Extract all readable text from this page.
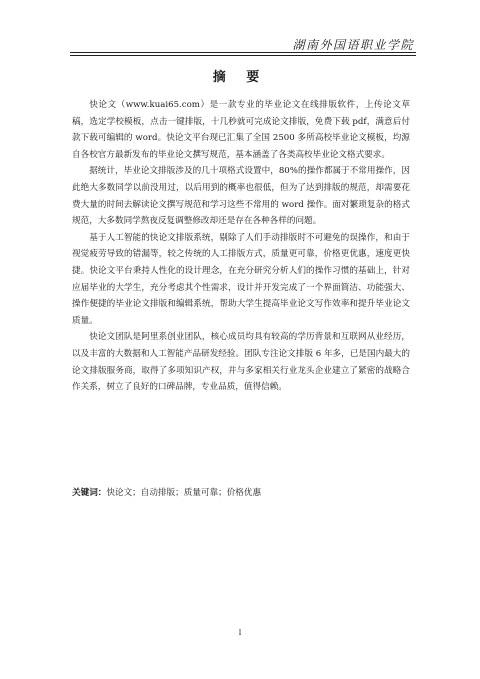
湖南外国语职业学院
摘 要

快论文（www.kuai65.com）是一款专业的毕业论文在线排版软件，上传论文草稿，选定学校模板，点击一键排版，十几秒就可完成论文排版，免费下载 pdf，满意后付款下载可编辑的 word。快论文平台现已汇集了全国 2500 多所高校毕业论文模板，均源自各校官方最新发布的毕业论文撰写规范，基本涵盖了各类高校毕业论文格式要求。

据统计，毕业论文排版涉及的几十项格式设置中，80%的操作都属于不常用操作，因此绝大多数同学以前没用过，以后用到的概率也很低，但为了达到排版的规范，却需要花费大量的时间去解读论文撰写规范和学习这些不常用的 word 操作。面对繁琐复杂的格式规范，大多数同学熬夜反复调整修改却还是存在各种各样的问题。

基于人工智能的快论文排版系统，剔除了人们手动排版时不可避免的误操作，和由于视觉疲劳导致的错漏等，较之传统的人工排版方式，质量更可靠，价格更优惠，速度更快捷。快论文平台秉持人性化的设计理念，在充分研究分析人们的操作习惯的基础上，针对应届毕业的大学生，充分考虑其个性需求，设计并开发完成了一个界面简洁、功能强大、操作便捷的毕业论文排版和编辑系统，帮助大学生提高毕业论文写作效率和提升毕业论文质量。

快论文团队是阿里系创业团队，核心成员均具有较高的学历背景和互联网从业经历，以及丰富的大数据和人工智能产品研发经验。团队专注论文排版 6 年多，已是国内最大的论文排版服务商，取得了多项知识产权，并与多家相关行业龙头企业建立了紧密的战略合作关系，树立了良好的口碑品牌，专业品质，值得信赖。

关键词：快论文；自动排版；质量可靠；价格优惠
I
